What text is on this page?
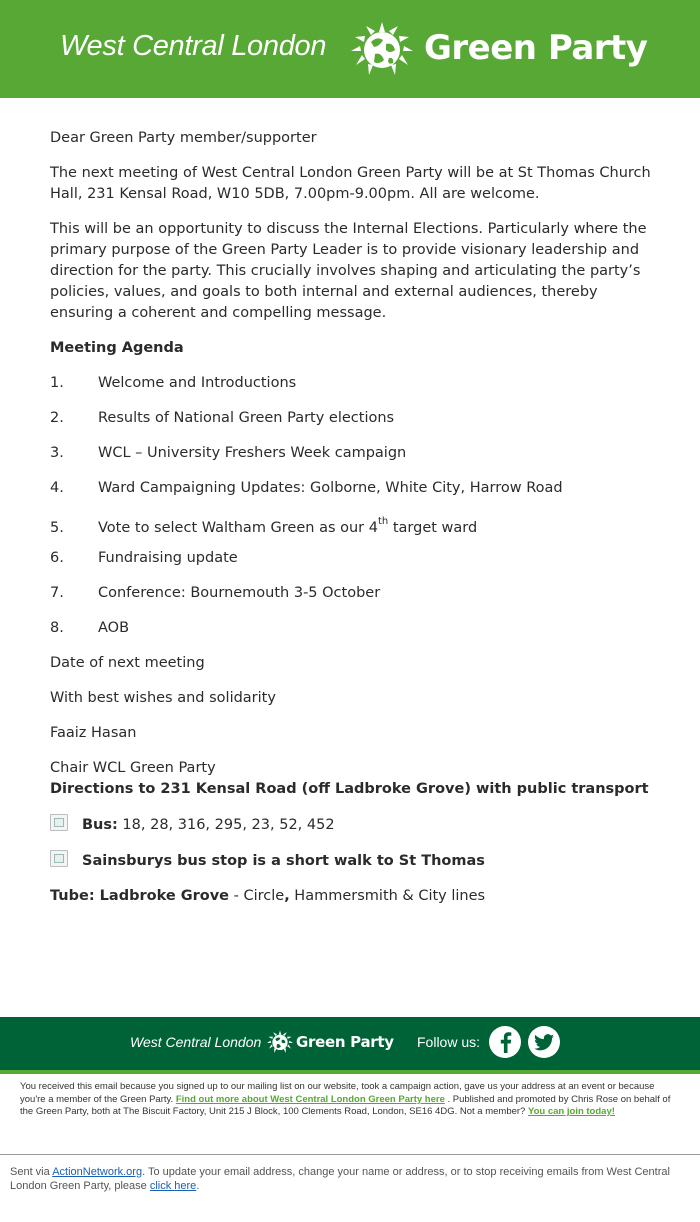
West Central London	Green Party

Dear Green Party member/supporter

The next meeting of West Central London Green Party will be at St Thomas Church Hall, 231 Kensal Road, W10 5DB, 7.00pm-9.00pm. All are welcome.

This will be an opportunity to discuss the Internal Elections. Particularly where the primary purpose of the Green Party Leader is to provide visionary leadership and direction for the party. This crucially involves shaping and articulating the party’s policies, values, and goals to both internal and external audiences, thereby ensuring a coherent and compelling message.

Meeting Agenda

1.	Welcome and Introductions
2.	Results of National Green Party elections
3.	WCL – University Freshers Week campaign
4.	Ward Campaigning Updates: Golborne, White City, Harrow Road
5.	Vote to select Waltham Green as our 4th target ward
6.	Fundraising update
7.	Conference: Bournemouth 3-5 October
8.	AOB

Date of next meeting

With best wishes and solidarity

Faaiz Hasan

Chair WCL Green Party

Directions to 231 Kensal Road (off Ladbroke Grove) with public transport

Bus: 18, 28, 316, 295, 23, 52, 452

Sainsburys bus stop is a short walk to St Thomas

Tube: Ladbroke Grove - Circle, Hammersmith & City lines

West Central London Green Party Follow us:
You received this email because you signed up to our mailing list on our website, took a campaign action, gave us your address at an event or because you're a member of the Green Party. Find out more about West Central London Green Party here . Published and promoted by Chris Rose on behalf of the Green Party, both at The Biscuit Factory, Unit 215 J Block, 100 Clements Road, London, SE16 4DG. Not a member? You can join today!
Sent via ActionNetwork.org. To update your email address, change your name or address, or to stop receiving emails from West Central London Green Party, please click here.
